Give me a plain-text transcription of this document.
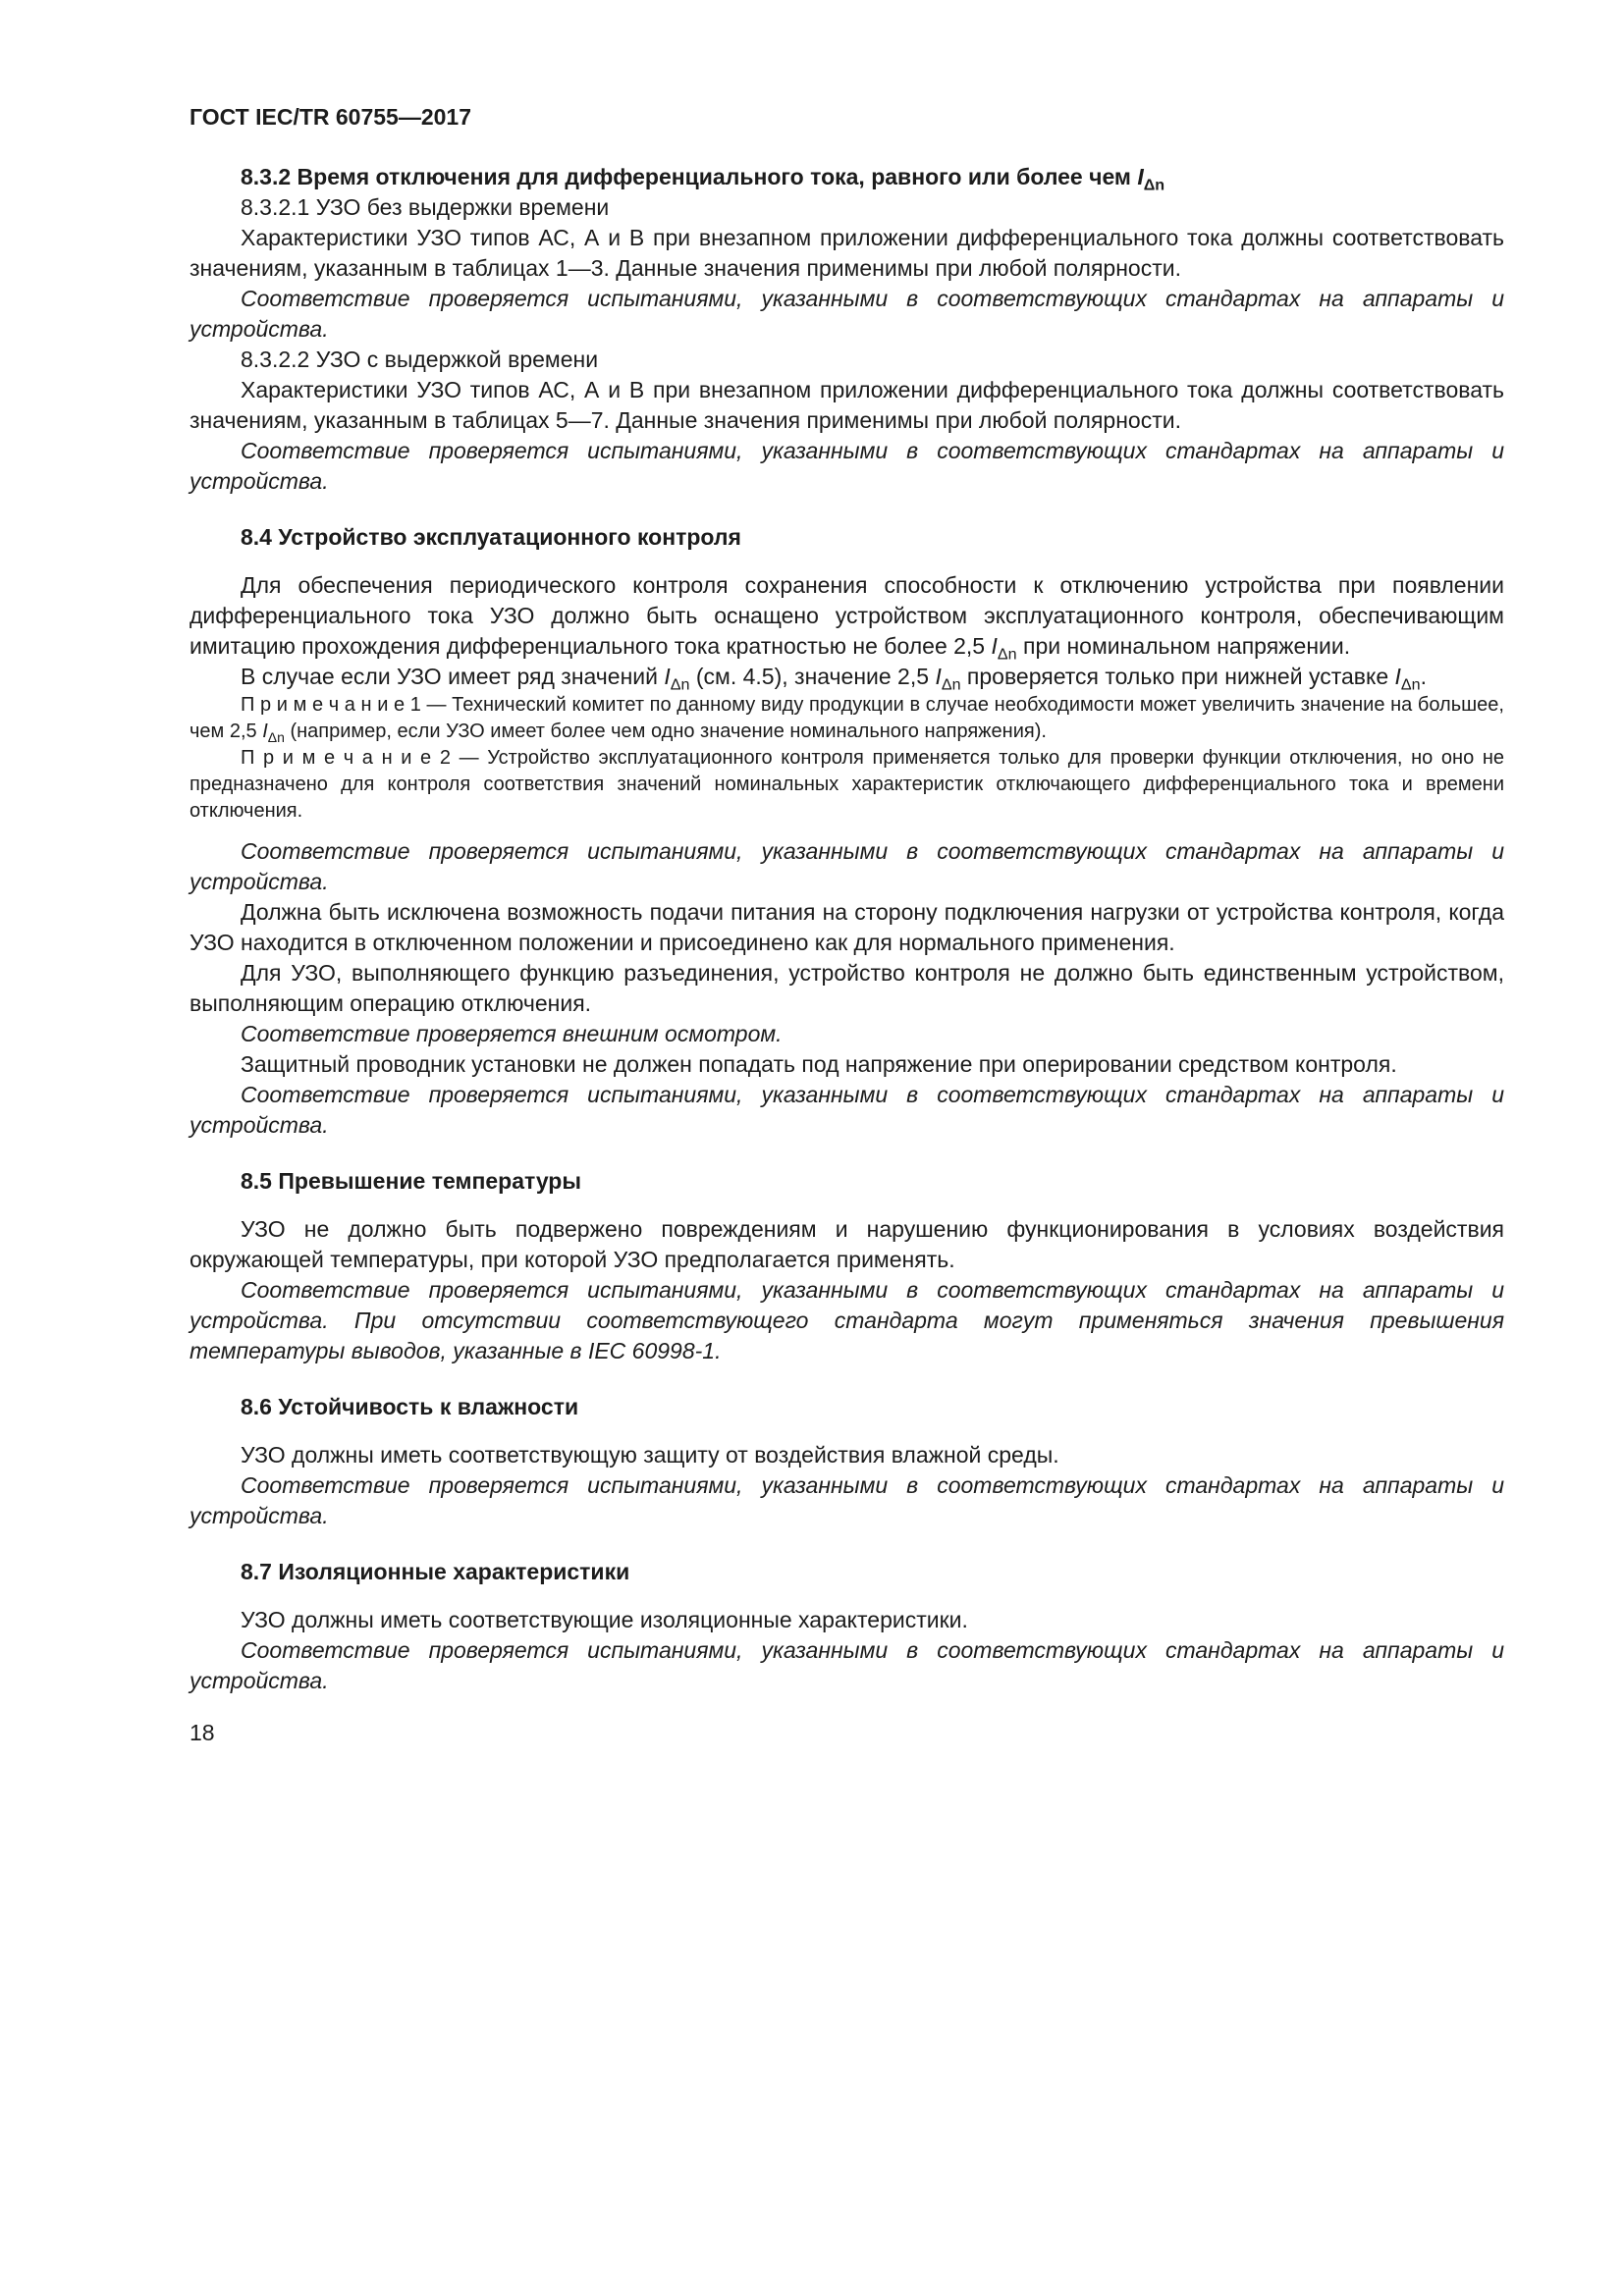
ГОСТ IEC/TR 60755—2017

8.3.2 Время отключения для дифференциального тока, равного или более чем $I_{\Delta n}$

8.3.2.1 УЗО без выдержки времени

Характеристики УЗО типов АС, А и В при внезапном приложении дифференциального тока должны соответствовать значениям, указанным в таблицах 1—3. Данные значения применимы при любой полярности.

Соответствие проверяется испытаниями, указанными в соответствующих стандартах на аппараты и устройства.

8.3.2.2 УЗО с выдержкой времени

Характеристики УЗО типов АС, А и В при внезапном приложении дифференциального тока должны соответствовать значениям, указанным в таблицах 5—7. Данные значения применимы при любой полярности.

Соответствие проверяется испытаниями, указанными в соответствующих стандартах на аппараты и устройства.

8.4 Устройство эксплуатационного контроля

Для обеспечения периодического контроля сохранения способности к отключению устройства при появлении дифференциального тока УЗО должно быть оснащено устройством эксплуатационного контроля, обеспечивающим имитацию прохождения дифференциального тока кратностью не более 2,5 $I_{\Delta n}$ при номинальном напряжении.

В случае если УЗО имеет ряд значений $I_{\Delta n}$ (см. 4.5), значение 2,5 $I_{\Delta n}$ проверяется только при нижней уставке $I_{\Delta n}$.

П р и м е ч а н и е 1 — Технический комитет по данному виду продукции в случае необходимости может увеличить значение на большее, чем 2,5 $I_{\Delta n}$ (например, если УЗО имеет более чем одно значение номинального напряжения).

П р и м е ч а н и е 2 — Устройство эксплуатационного контроля применяется только для проверки функции отключения, но оно не предназначено для контроля соответствия значений номинальных характеристик отключающего дифференциального тока и времени отключения.

Соответствие проверяется испытаниями, указанными в соответствующих стандартах на аппараты и устройства.

Должна быть исключена возможность подачи питания на сторону подключения нагрузки от устройства контроля, когда УЗО находится в отключенном положении и присоединено как для нормального применения.

Для УЗО, выполняющего функцию разъединения, устройство контроля не должно быть единственным устройством, выполняющим операцию отключения.

Соответствие проверяется внешним осмотром.

Защитный проводник установки не должен попадать под напряжение при оперировании средством контроля.

Соответствие проверяется испытаниями, указанными в соответствующих стандартах на аппараты и устройства.

8.5 Превышение температуры

УЗО не должно быть подвержено повреждениям и нарушению функционирования в условиях воздействия окружающей температуры, при которой УЗО предполагается применять.

Соответствие проверяется испытаниями, указанными в соответствующих стандартах на аппараты и устройства. При отсутствии соответствующего стандарта могут применяться значения превышения температуры выводов, указанные в IEC 60998-1.

8.6 Устойчивость к влажности

УЗО должны иметь соответствующую защиту от воздействия влажной среды.

Соответствие проверяется испытаниями, указанными в соответствующих стандартах на аппараты и устройства.

8.7 Изоляционные характеристики

УЗО должны иметь соответствующие изоляционные характеристики.

Соответствие проверяется испытаниями, указанными в соответствующих стандартах на аппараты и устройства.

18
